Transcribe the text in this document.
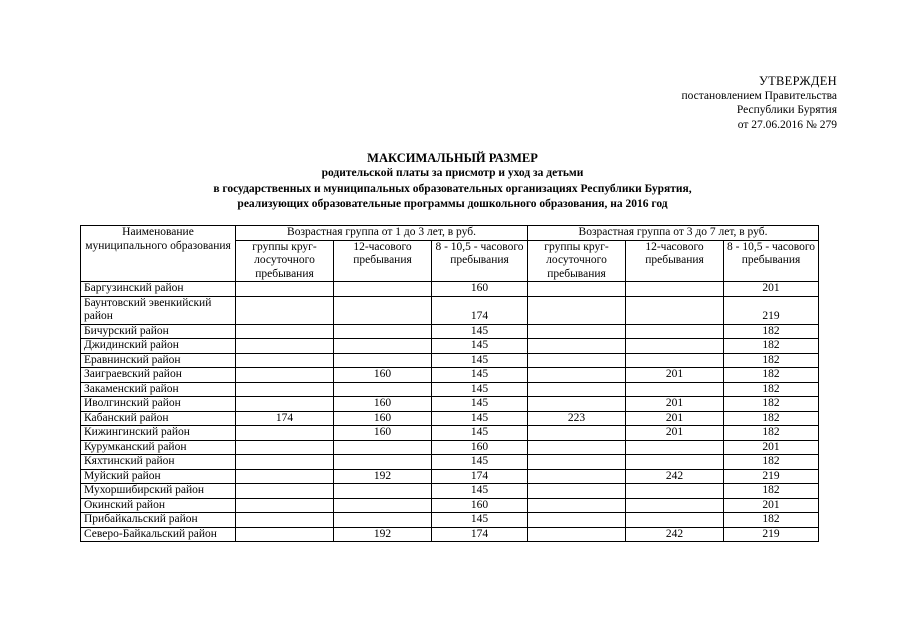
УТВЕРЖДЕН
постановлением Правительства
Республики Бурятия
от 27.06.2016 № 279
МАКСИМАЛЬНЫЙ РАЗМЕР
родительской платы за присмотр и уход за детьми
в государственных и муниципальных образовательных организациях Республики Бурятия,
реализующих образовательные программы дошкольного образования, на 2016 год
Наименование муниципального образования	Возрастная группа от 1 до 3 лет, в руб.			Возрастная группа от 3 до 7 лет, в руб.		
	группы круг-лосуточного пребывания	12-часового пребывания	8 - 10,5 - часового пребывания	группы круг-лосуточного пребывания	12-часового пребывания	8 - 10,5 - часового пребывания
Баргузинский район			160			201
Баунтовский эвенкийский район			174			219
Бичурский район			145			182
Джидинский район			145			182
Еравнинский район			145			182
Заиграевский район		160	145		201	182
Закаменский район			145			182
Иволгинский район		160	145		201	182
Кабанский район	174	160	145	223	201	182
Кижингинский район		160	145		201	182
Курумканский район			160			201
Кяхтинский район			145			182
Муйский район		192	174		242	219
Мухоршибирский район			145			182
Окинский район			160			201
Прибайкальский район			145			182
Северо-Байкальский район		192	174		242	219
